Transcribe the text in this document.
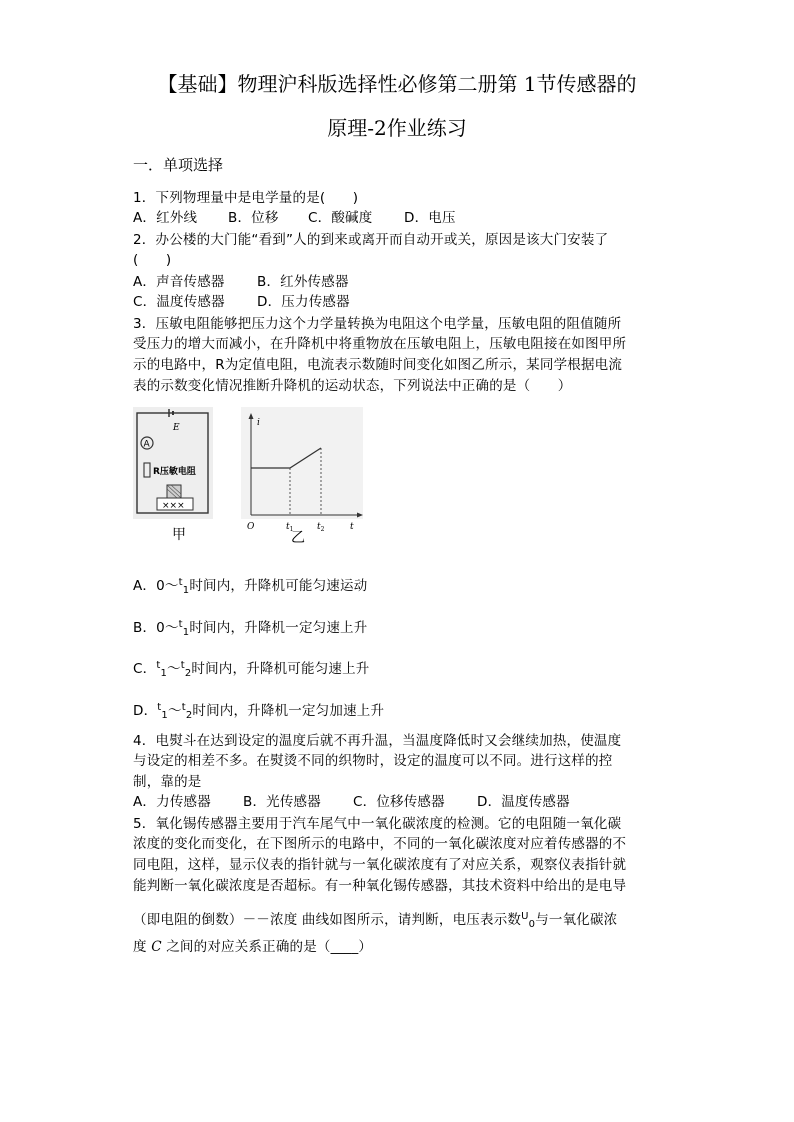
【基础】物理沪科版选择性必修第二册第 1节传感器的
原理-2作业练习
一．单项选择
1．下列物理量中是电学量的是(　　)
A．红外线 B．位移 C．酸碱度 D．电压
2．办公楼的大门能“看到”人的到来或离开而自动开或关，原因是该大门安装了
(　　)
A．声音传感器 B．红外传感器
C．温度传感器 D．压力传感器
3．压敏电阻能够把压力这个力学量转换为电阻这个电学量，压敏电阻的阻值随所
受压力的增大而减小，在升降机中将重物放在压敏电阻上，压敏电阻接在如图甲所
示的电路中，R为定值电阻，电流表示数随时间变化如图乙所示，某同学根据电流
表的示数变化情况推断升降机的运动状态，下列说法中正确的是（　　）
E
A
R压敏电阻
×××
i
O	$t_1$	$t_2$	t
甲	乙
A．0～$^t_1$时间内，升降机可能匀速运动
B．0～$^t_1$时间内，升降机一定匀速上升
C．$^t_1$～$^t_2$时间内，升降机可能匀速上升
D．$^t_1$～$^t_2$时间内，升降机一定匀加速上升
4．电熨斗在达到设定的温度后就不再升温，当温度降低时又会继续加热，使温度
与设定的相差不多。在熨烫不同的织物时，设定的温度可以不同。进行这样的控
制，靠的是
A．力传感器 B．光传感器 C．位移传感器 D．温度传感器
5．氧化锡传感器主要用于汽车尾气中一氧化碳浓度的检测。它的电阻随一氧化碳
浓度的变化而变化，在下图所示的电路中，不同的一氧化碳浓度对应着传感器的不
同电阻，这样，显示仪表的指针就与一氧化碳浓度有了对应关系，观察仪表指针就
能判断一氧化碳浓度是否超标。有一种氧化锡传感器，其技术资料中给出的是电导
（即电阻的倒数）－－浓度 曲线如图所示，请判断，电压表示数$^U_0$与一氧化碳浓
度 C 之间的对应关系正确的是（____）
